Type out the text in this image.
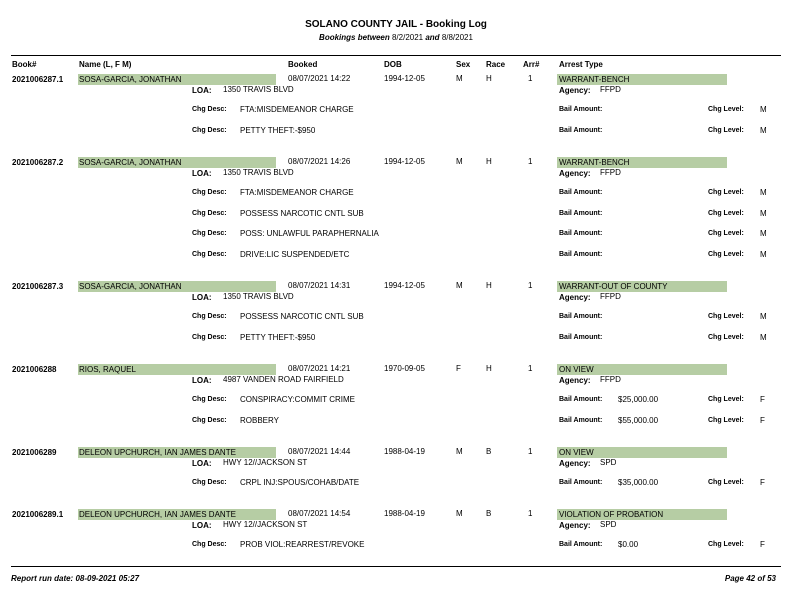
SOLANO COUNTY JAIL - Booking Log
Bookings between 8/2/2021 and 8/8/2021
Book#	Name (L, F M)	Booked	DOB	Sex Race Arr# Arrest Type
2021006287.1 SOSA-GARCIA, JONATHAN	08/07/2021 14:22	1994-12-05	M	H	1	WARRANT-BENCH
LOA: 1350 TRAVIS BLVD	Agency: FFPD
Chg Desc: FTA:MISDEMEANOR CHARGE	Bail Amount:	Chg Level: M
Chg Desc: PETTY THEFT:-$950	Bail Amount:	Chg Level: M
2021006287.2 SOSA-GARCIA, JONATHAN	08/07/2021 14:26	1994-12-05	M	H	1	WARRANT-BENCH
LOA: 1350 TRAVIS BLVD	Agency: FFPD
Chg Desc: FTA:MISDEMEANOR CHARGE	Bail Amount:	Chg Level: M
Chg Desc: POSSESS NARCOTIC CNTL SUB	Bail Amount:	Chg Level: M
Chg Desc: POSS: UNLAWFUL PARAPHERNALIA	Bail Amount:	Chg Level: M
Chg Desc: DRIVE:LIC SUSPENDED/ETC	Bail Amount:	Chg Level: M
2021006287.3 SOSA-GARCIA, JONATHAN	08/07/2021 14:31	1994-12-05	M	H	1	WARRANT-OUT OF COUNTY
LOA: 1350 TRAVIS BLVD	Agency: FFPD
Chg Desc: POSSESS NARCOTIC CNTL SUB	Bail Amount:	Chg Level: M
Chg Desc: PETTY THEFT:-$950	Bail Amount:	Chg Level: M
2021006288	RIOS, RAQUEL	08/07/2021 14:21	1970-09-05	F	H	1	ON VIEW
LOA: 4987 VANDEN ROAD FAIRFIELD	Agency: FFPD
Chg Desc: CONSPIRACY:COMMIT CRIME	Bail Amount: $25,000.00	Chg Level: F
Chg Desc: ROBBERY	Bail Amount: $55,000.00	Chg Level: F
2021006289	DELEON UPCHURCH, IAN JAMES DANTE	08/07/2021 14:44	1988-04-19	M	B	1	ON VIEW
LOA: HWY 12//JACKSON ST	Agency: SPD
Chg Desc: CRPL INJ:SPOUS/COHAB/DATE	Bail Amount: $35,000.00	Chg Level: F
2021006289.1 DELEON UPCHURCH, IAN JAMES DANTE	08/07/2021 14:54	1988-04-19	M	B	1	VIOLATION OF PROBATION
LOA: HWY 12//JACKSON ST	Agency: SPD
Chg Desc: PROB VIOL:REARREST/REVOKE	Bail Amount: $0.00	Chg Level: F
Report run date: 08-09-2021 05:27	Page 42 of 53
